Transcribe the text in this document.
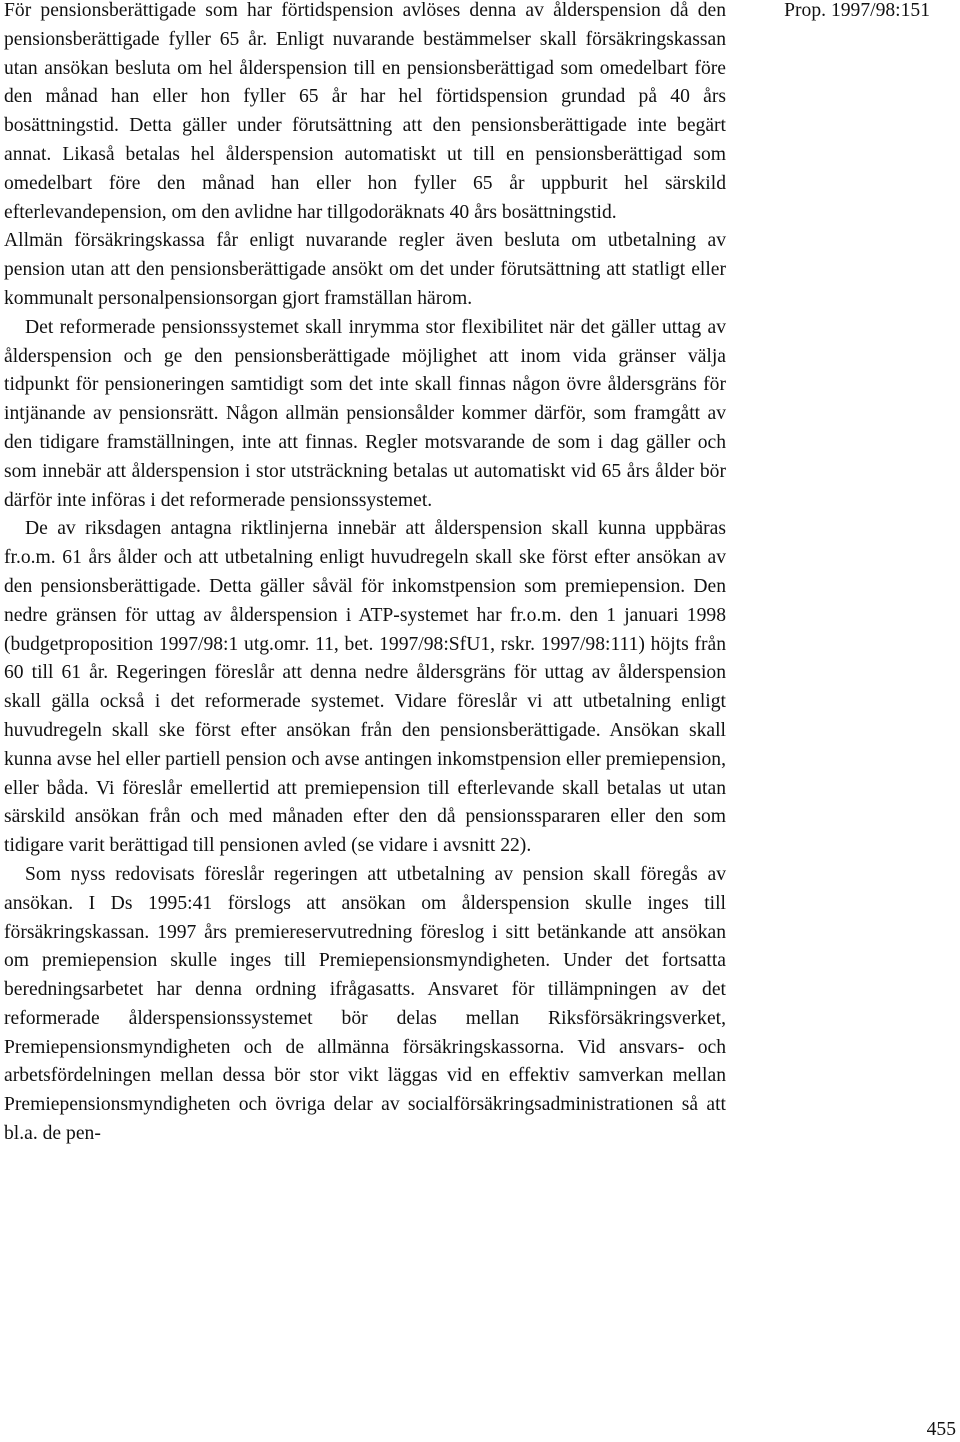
Prop. 1997/98:151

För pensionsberättigade som har förtidspension avlöses denna av ålderspension då den pensionsberättigade fyller 65 år. Enligt nuvarande bestämmelser skall försäkringskassan utan ansökan besluta om hel ålderspension till en pensionsberättigad som omedelbart före den månad han eller hon fyller 65 år har hel förtidspension grundad på 40 års bosättningstid. Detta gäller under förutsättning att den pensionsberättigade inte begärt annat. Likaså betalas hel ålderspension automatiskt ut till en pensionsberättigad som omedelbart före den månad han eller hon fyller 65 år uppburit hel särskild efterlevandepension, om den avlidne har tillgodoräknats 40 års bosättningstid.

Allmän försäkringskassa får enligt nuvarande regler även besluta om utbetalning av pension utan att den pensionsberättigade ansökt om det under förutsättning att statligt eller kommunalt personalpensionsorgan gjort framställan härom.

Det reformerade pensionssystemet skall inrymma stor flexibilitet när det gäller uttag av ålderspension och ge den pensionsberättigade möjlighet att inom vida gränser välja tidpunkt för pensioneringen samtidigt som det inte skall finnas någon övre åldersgräns för intjänande av pensionsrätt. Någon allmän pensionsålder kommer därför, som framgått av den tidigare framställningen, inte att finnas. Regler motsvarande de som i dag gäller och som innebär att ålderspension i stor utsträckning betalas ut automatiskt vid 65 års ålder bör därför inte införas i det reformerade pensionssystemet.

De av riksdagen antagna riktlinjerna innebär att ålderspension skall kunna uppbäras fr.o.m. 61 års ålder och att utbetalning enligt huvudregeln skall ske först efter ansökan av den pensionsberättigade. Detta gäller såväl för inkomstpension som premiepension. Den nedre gränsen för uttag av ålderspension i ATP-systemet har fr.o.m. den 1 januari 1998 (budgetproposition 1997/98:1 utg.omr. 11, bet. 1997/98:SfU1, rskr. 1997/98:111) höjts från 60 till 61 år. Regeringen föreslår att denna nedre åldersgräns för uttag av ålderspension skall gälla också i det reformerade systemet. Vidare föreslår vi att utbetalning enligt huvudregeln skall ske först efter ansökan från den pensionsberättigade. Ansökan skall kunna avse hel eller partiell pension och avse antingen inkomstpension eller premiepension, eller båda. Vi föreslår emellertid att premiepension till efterlevande skall betalas ut utan särskild ansökan från och med månaden efter den då pensionsspararen eller den som tidigare varit berättigad till pensionen avled (se vidare i avsnitt 22).

Som nyss redovisats föreslår regeringen att utbetalning av pension skall föregås av ansökan. I Ds 1995:41 förslogs att ansökan om ålderspension skulle inges till försäkringskassan. 1997 års premiereservutredning föreslog i sitt betänkande att ansökan om premiepension skulle inges till Premiepensionsmyndigheten. Under det fortsatta beredningsarbetet har denna ordning ifrågasatts. Ansvaret för tillämpningen av det reformerade ålderspensionssystemet bör delas mellan Riksförsäkringsverket, Premiepensionsmyndigheten och de allmänna försäkringskassorna. Vid ansvars- och arbetsfördelningen mellan dessa bör stor vikt läggas vid en effektiv samverkan mellan Premiepensionsmyndigheten och övriga delar av socialförsäkringsadministrationen så att bl.a. de pen-

455
